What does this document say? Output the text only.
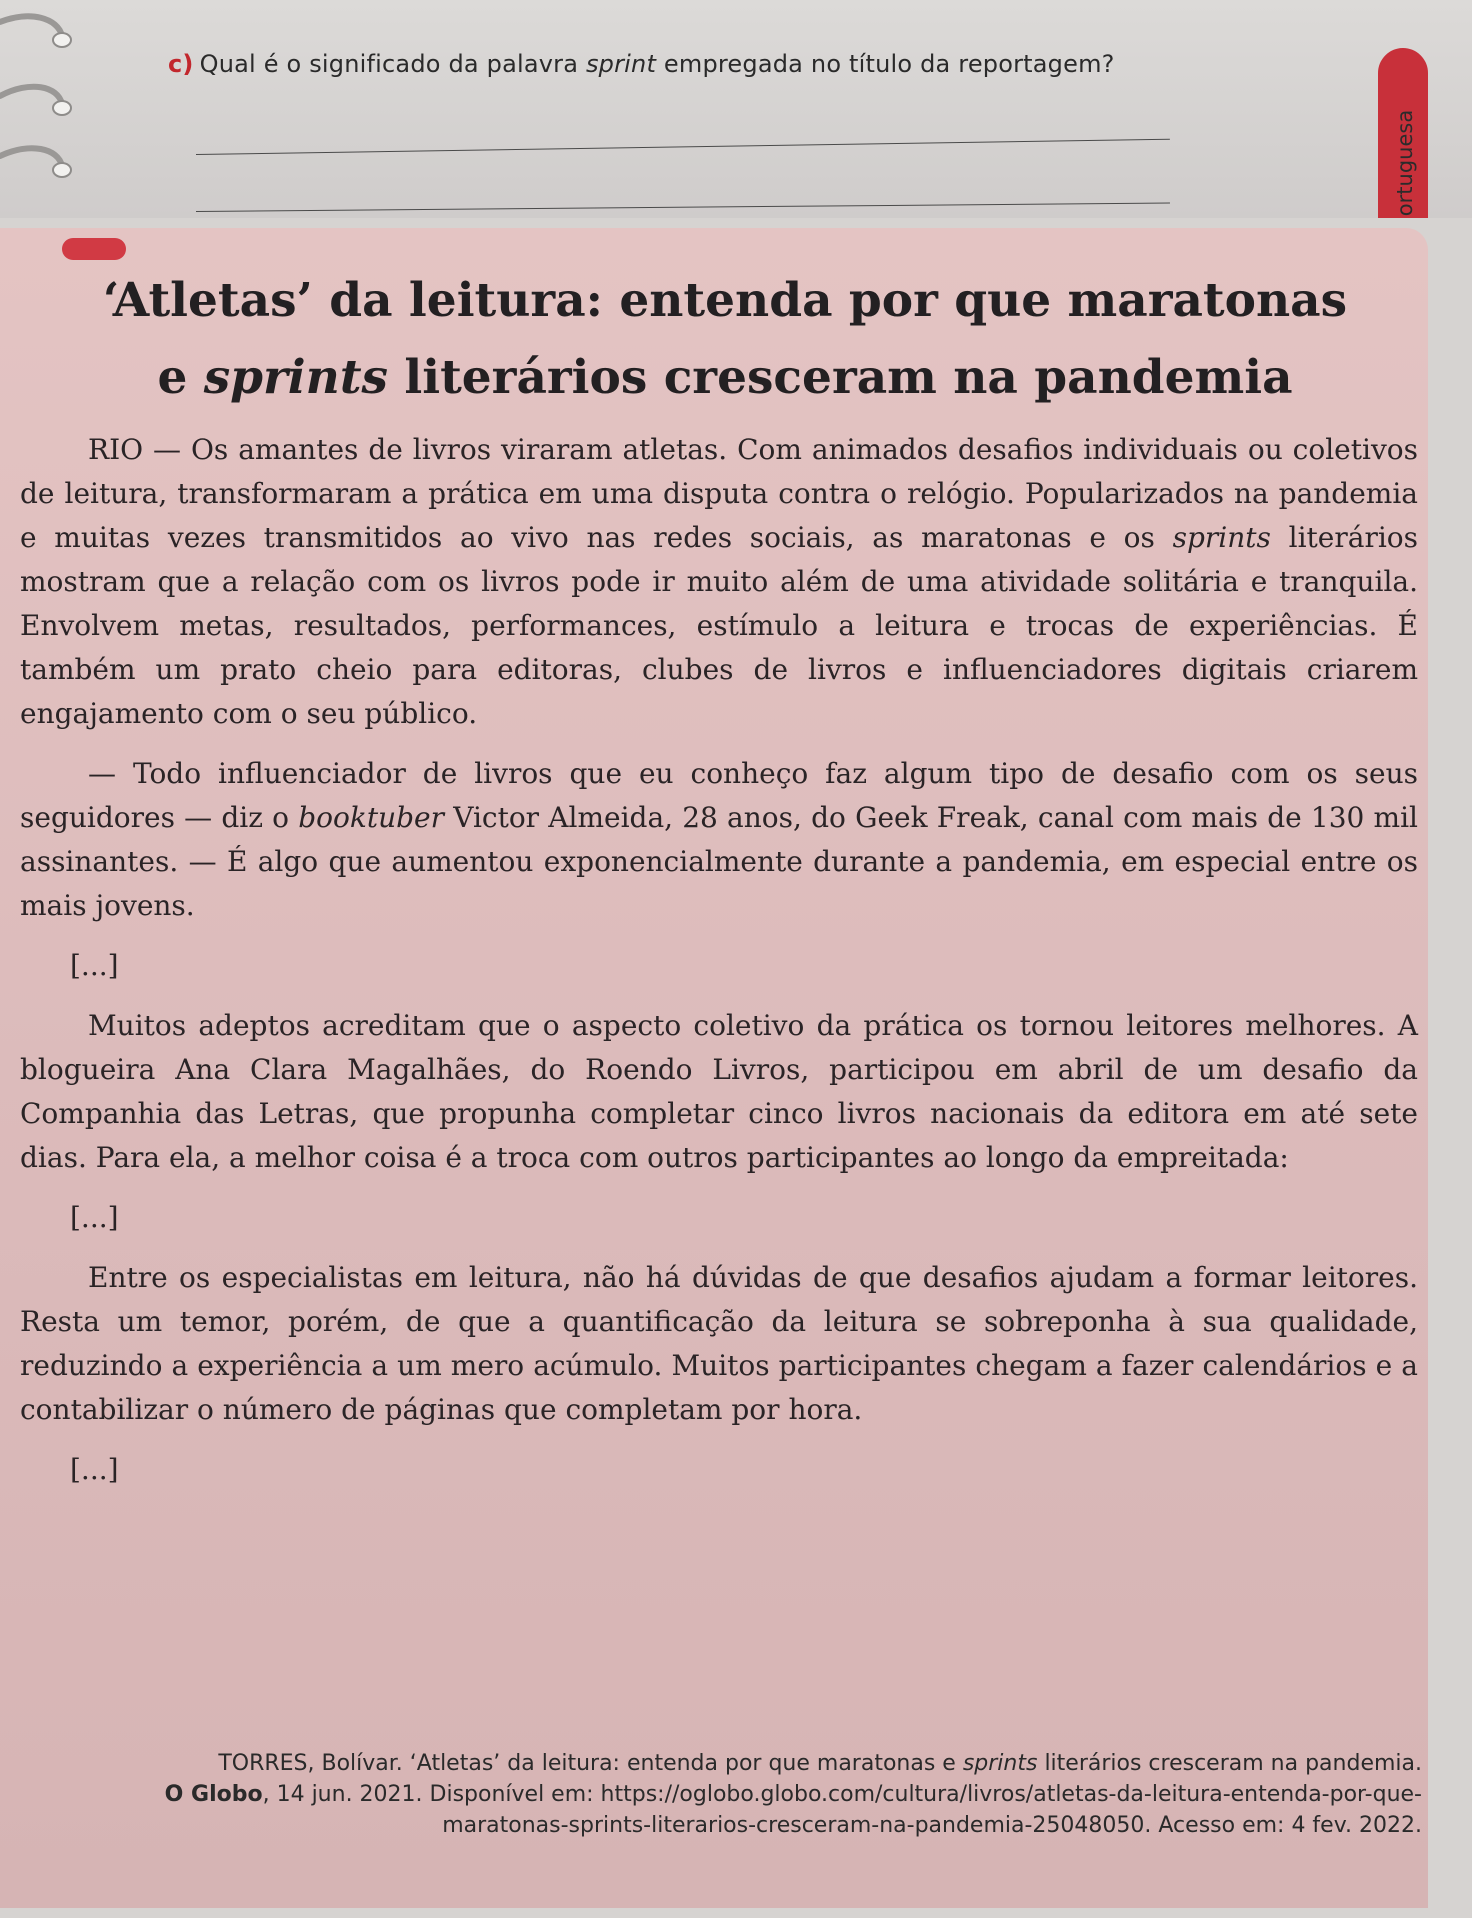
c) Qual é o significado da palavra sprint empregada no título da reportagem?
ortuguesa
‘Atletas’ da leitura: entenda por que maratonas
e sprints literários cresceram na pandemia

RIO — Os amantes de livros viraram atletas. Com animados desafios individuais ou coletivos de leitura, transformaram a prática em uma disputa contra o relógio. Popularizados na pandemia e muitas vezes transmitidos ao vivo nas redes sociais, as maratonas e os sprints literários mostram que a relação com os livros pode ir muito além de uma atividade solitária e tranquila. Envolvem metas, resultados, performances, estímulo a leitura e trocas de experiências. É também um prato cheio para editoras, clubes de livros e influenciadores digitais criarem engajamento com o seu público.

— Todo influenciador de livros que eu conheço faz algum tipo de desafio com os seus seguidores — diz o booktuber Victor Almeida, 28 anos, do Geek Freak, canal com mais de 130 mil assinantes. — É algo que aumentou exponencialmente durante a pandemia, em especial entre os mais jovens.

[...]

Muitos adeptos acreditam que o aspecto coletivo da prática os tornou leitores melhores. A blogueira Ana Clara Magalhães, do Roendo Livros, participou em abril de um desafio da Companhia das Letras, que propunha completar cinco livros nacionais da editora em até sete dias. Para ela, a melhor coisa é a troca com outros participantes ao longo da empreitada:

[...]

Entre os especialistas em leitura, não há dúvidas de que desafios ajudam a formar leitores. Resta um temor, porém, de que a quantificação da leitura se sobreponha à sua qualidade, reduzindo a experiência a um mero acúmulo. Muitos participantes chegam a fazer calendários e a contabilizar o número de páginas que completam por hora.

[...]

TORRES, Bolívar. ‘Atletas’ da leitura: entenda por que maratonas e sprints literários cresceram na pandemia.
O Globo, 14 jun. 2021. Disponível em: https://oglobo.globo.com/cultura/livros/atletas-da-leitura-entenda-por-que-
maratonas-sprints-literarios-cresceram-na-pandemia-25048050. Acesso em: 4 fev. 2022.
